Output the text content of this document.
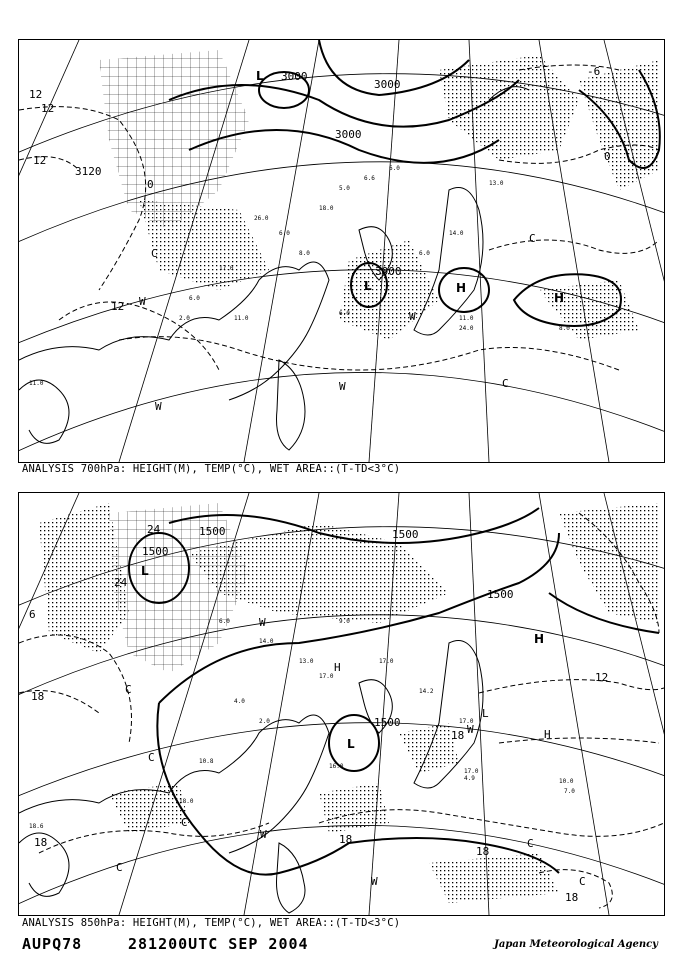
26.0
6.0
8.0
18.0
5.0
6.6
6.0
17.0
6.0
2.0	11.0
24.0
6.0
11.0
8.0
11.0
6.0
14.0
13.0
3000
3000
3000
3120
3000
12
12
12
0
0
12
-6
L
L	H
H
W
W
W
W
C
C
C
ANALYSIS 700hPa: HEIGHT(M), TEMP(°C), WET AREA::(T-TD<3°C)
6.0
14.0
13.0
17.0
9.0
17.0
4.0
2.0
14.2
17.0
17.0
4.9
16.0
18.0
10.8
10.0
7.0
18.6
1500
1500
1500
1500
1500
24
24
18
18
12
18
18
6
18
18
L
L
L
H
H
H
W
W
W
W
C
C
C
C
C
C
ANALYSIS 850hPa: HEIGHT(M), TEMP(°C), WET AREA::(T-TD<3°C)
AUPQ78	281200UTC SEP 2004	Japan Meteorological Agency
